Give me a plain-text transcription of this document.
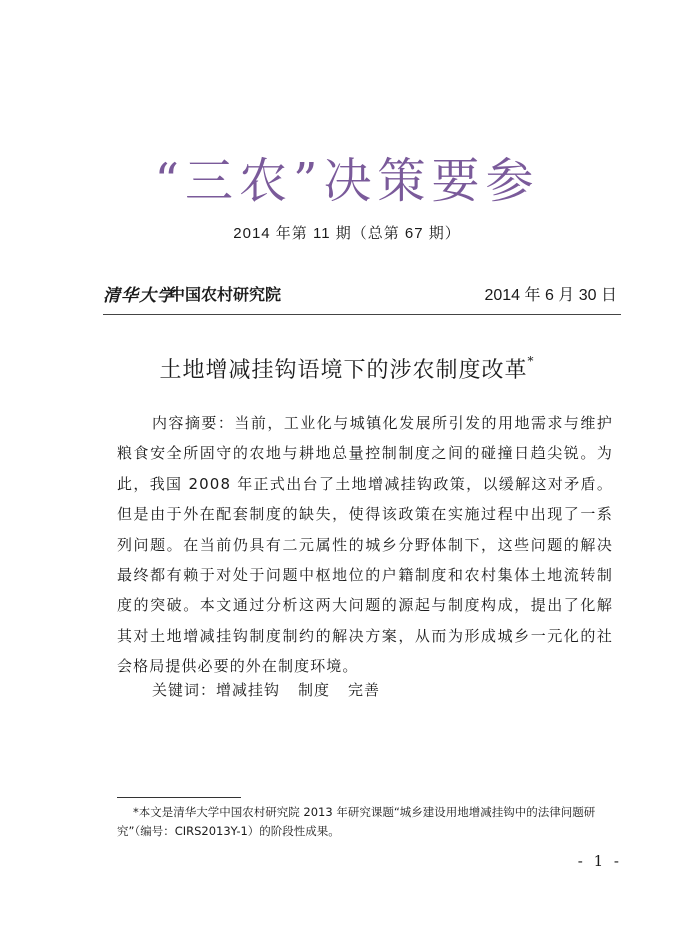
“三农”决策要参
2014 年第 11 期（总第 67 期）
清华大学
中国农村研究院	2014 年 6 月 30 日
土地增减挂钩语境下的涉农制度改革*
内容摘要：当前，工业化与城镇化发展所引发的用地需求与维护粮食安全所固守的农地与耕地总量控制制度之间的碰撞日趋尖锐。为此，我国 2008 年正式出台了土地增减挂钩政策，以缓解这对矛盾。但是由于外在配套制度的缺失，使得该政策在实施过程中出现了一系列问题。在当前仍具有二元属性的城乡分野体制下，这些问题的解决最终都有赖于对处于问题中枢地位的户籍制度和农村集体土地流转制度的突破。本文通过分析这两大问题的源起与制度构成，提出了化解其对土地增减挂钩制度制约的解决方案，从而为形成城乡一元化的社会格局提供必要的外在制度环境。
关键词：增减挂钩 制度 完善
*本文是清华大学中国农村研究院 2013 年研究课题“城乡建设用地增减挂钩中的法律问题研究”（编号：CIRS2013Y-1）的阶段性成果。
- 1 -
